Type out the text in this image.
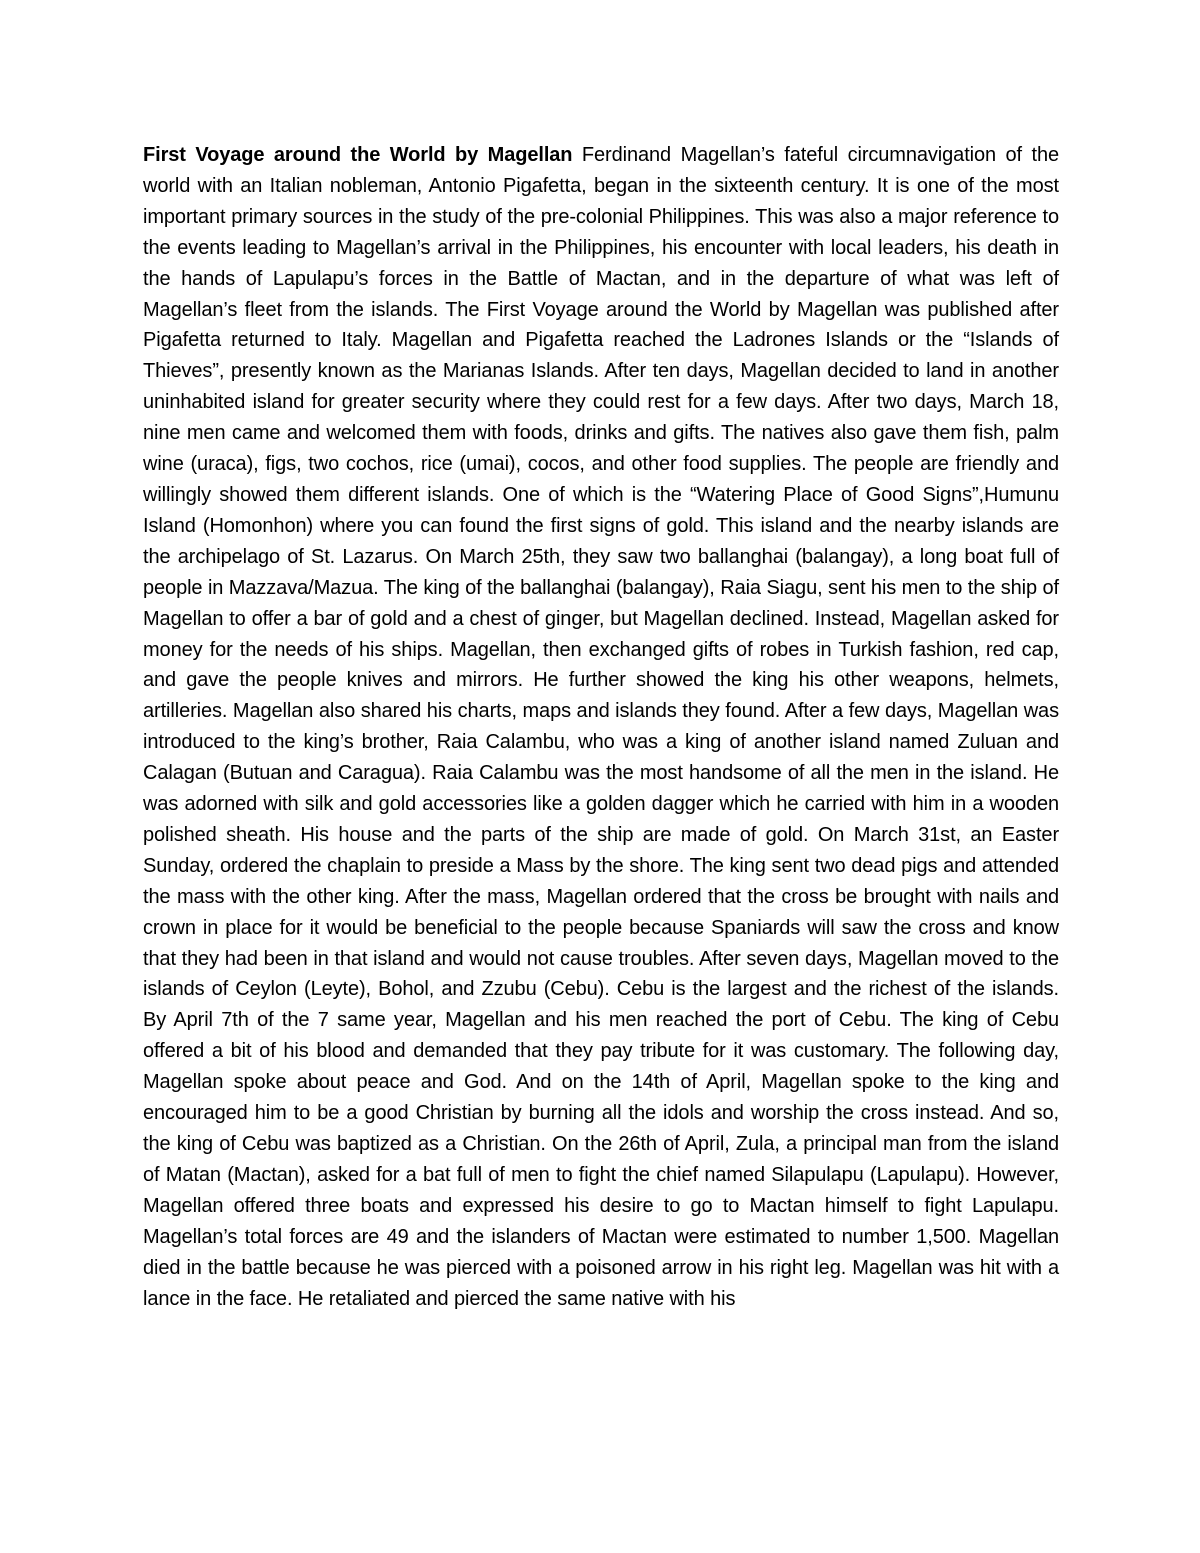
First Voyage around the World by Magellan Ferdinand Magellan’s fateful circumnavigation of the world with an Italian nobleman, Antonio Pigafetta, began in the sixteenth century. It is one of the most important primary sources in the study of the pre-colonial Philippines. This was also a major reference to the events leading to Magellan’s arrival in the Philippines, his encounter with local leaders, his death in the hands of Lapulapu’s forces in the Battle of Mactan, and in the departure of what was left of Magellan’s fleet from the islands. The First Voyage around the World by Magellan was published after Pigafetta returned to Italy. Magellan and Pigafetta reached the Ladrones Islands or the “Islands of Thieves”, presently known as the Marianas Islands. After ten days, Magellan decided to land in another uninhabited island for greater security where they could rest for a few days. After two days, March 18, nine men came and welcomed them with foods, drinks and gifts. The natives also gave them fish, palm wine (uraca), figs, two cochos, rice (umai), cocos, and other food supplies. The people are friendly and willingly showed them different islands. One of which is the “Watering Place of Good Signs”,Humunu Island (Homonhon) where you can found the first signs of gold. This island and the nearby islands are the archipelago of St. Lazarus. On March 25th, they saw two ballanghai (balangay), a long boat full of people in Mazzava/Mazua. The king of the ballanghai (balangay), Raia Siagu, sent his men to the ship of Magellan to offer a bar of gold and a chest of ginger, but Magellan declined. Instead, Magellan asked for money for the needs of his ships. Magellan, then exchanged gifts of robes in Turkish fashion, red cap, and gave the people knives and mirrors. He further showed the king his other weapons, helmets, artilleries. Magellan also shared his charts, maps and islands they found. After a few days, Magellan was introduced to the king’s brother, Raia Calambu, who was a king of another island named Zuluan and Calagan (Butuan and Caragua). Raia Calambu was the most handsome of all the men in the island. He was adorned with silk and gold accessories like a golden dagger which he carried with him in a wooden polished sheath. His house and the parts of the ship are made of gold. On March 31st, an Easter Sunday, ordered the chaplain to preside a Mass by the shore. The king sent two dead pigs and attended the mass with the other king. After the mass, Magellan ordered that the cross be brought with nails and crown in place for it would be beneficial to the people because Spaniards will saw the cross and know that they had been in that island and would not cause troubles. After seven days, Magellan moved to the islands of Ceylon (Leyte), Bohol, and Zzubu (Cebu). Cebu is the largest and the richest of the islands. By April 7th of the 7 same year, Magellan and his men reached the port of Cebu. The king of Cebu offered a bit of his blood and demanded that they pay tribute for it was customary. The following day, Magellan spoke about peace and God. And on the 14th of April, Magellan spoke to the king and encouraged him to be a good Christian by burning all the idols and worship the cross instead. And so, the king of Cebu was baptized as a Christian. On the 26th of April, Zula, a principal man from the island of Matan (Mactan), asked for a bat full of men to fight the chief named Silapulapu (Lapulapu). However, Magellan offered three boats and expressed his desire to go to Mactan himself to fight Lapulapu. Magellan’s total forces are 49 and the islanders of Mactan were estimated to number 1,500. Magellan died in the battle because he was pierced with a poisoned arrow in his right leg. Magellan was hit with a lance in the face. He retaliated and pierced the same native with his
